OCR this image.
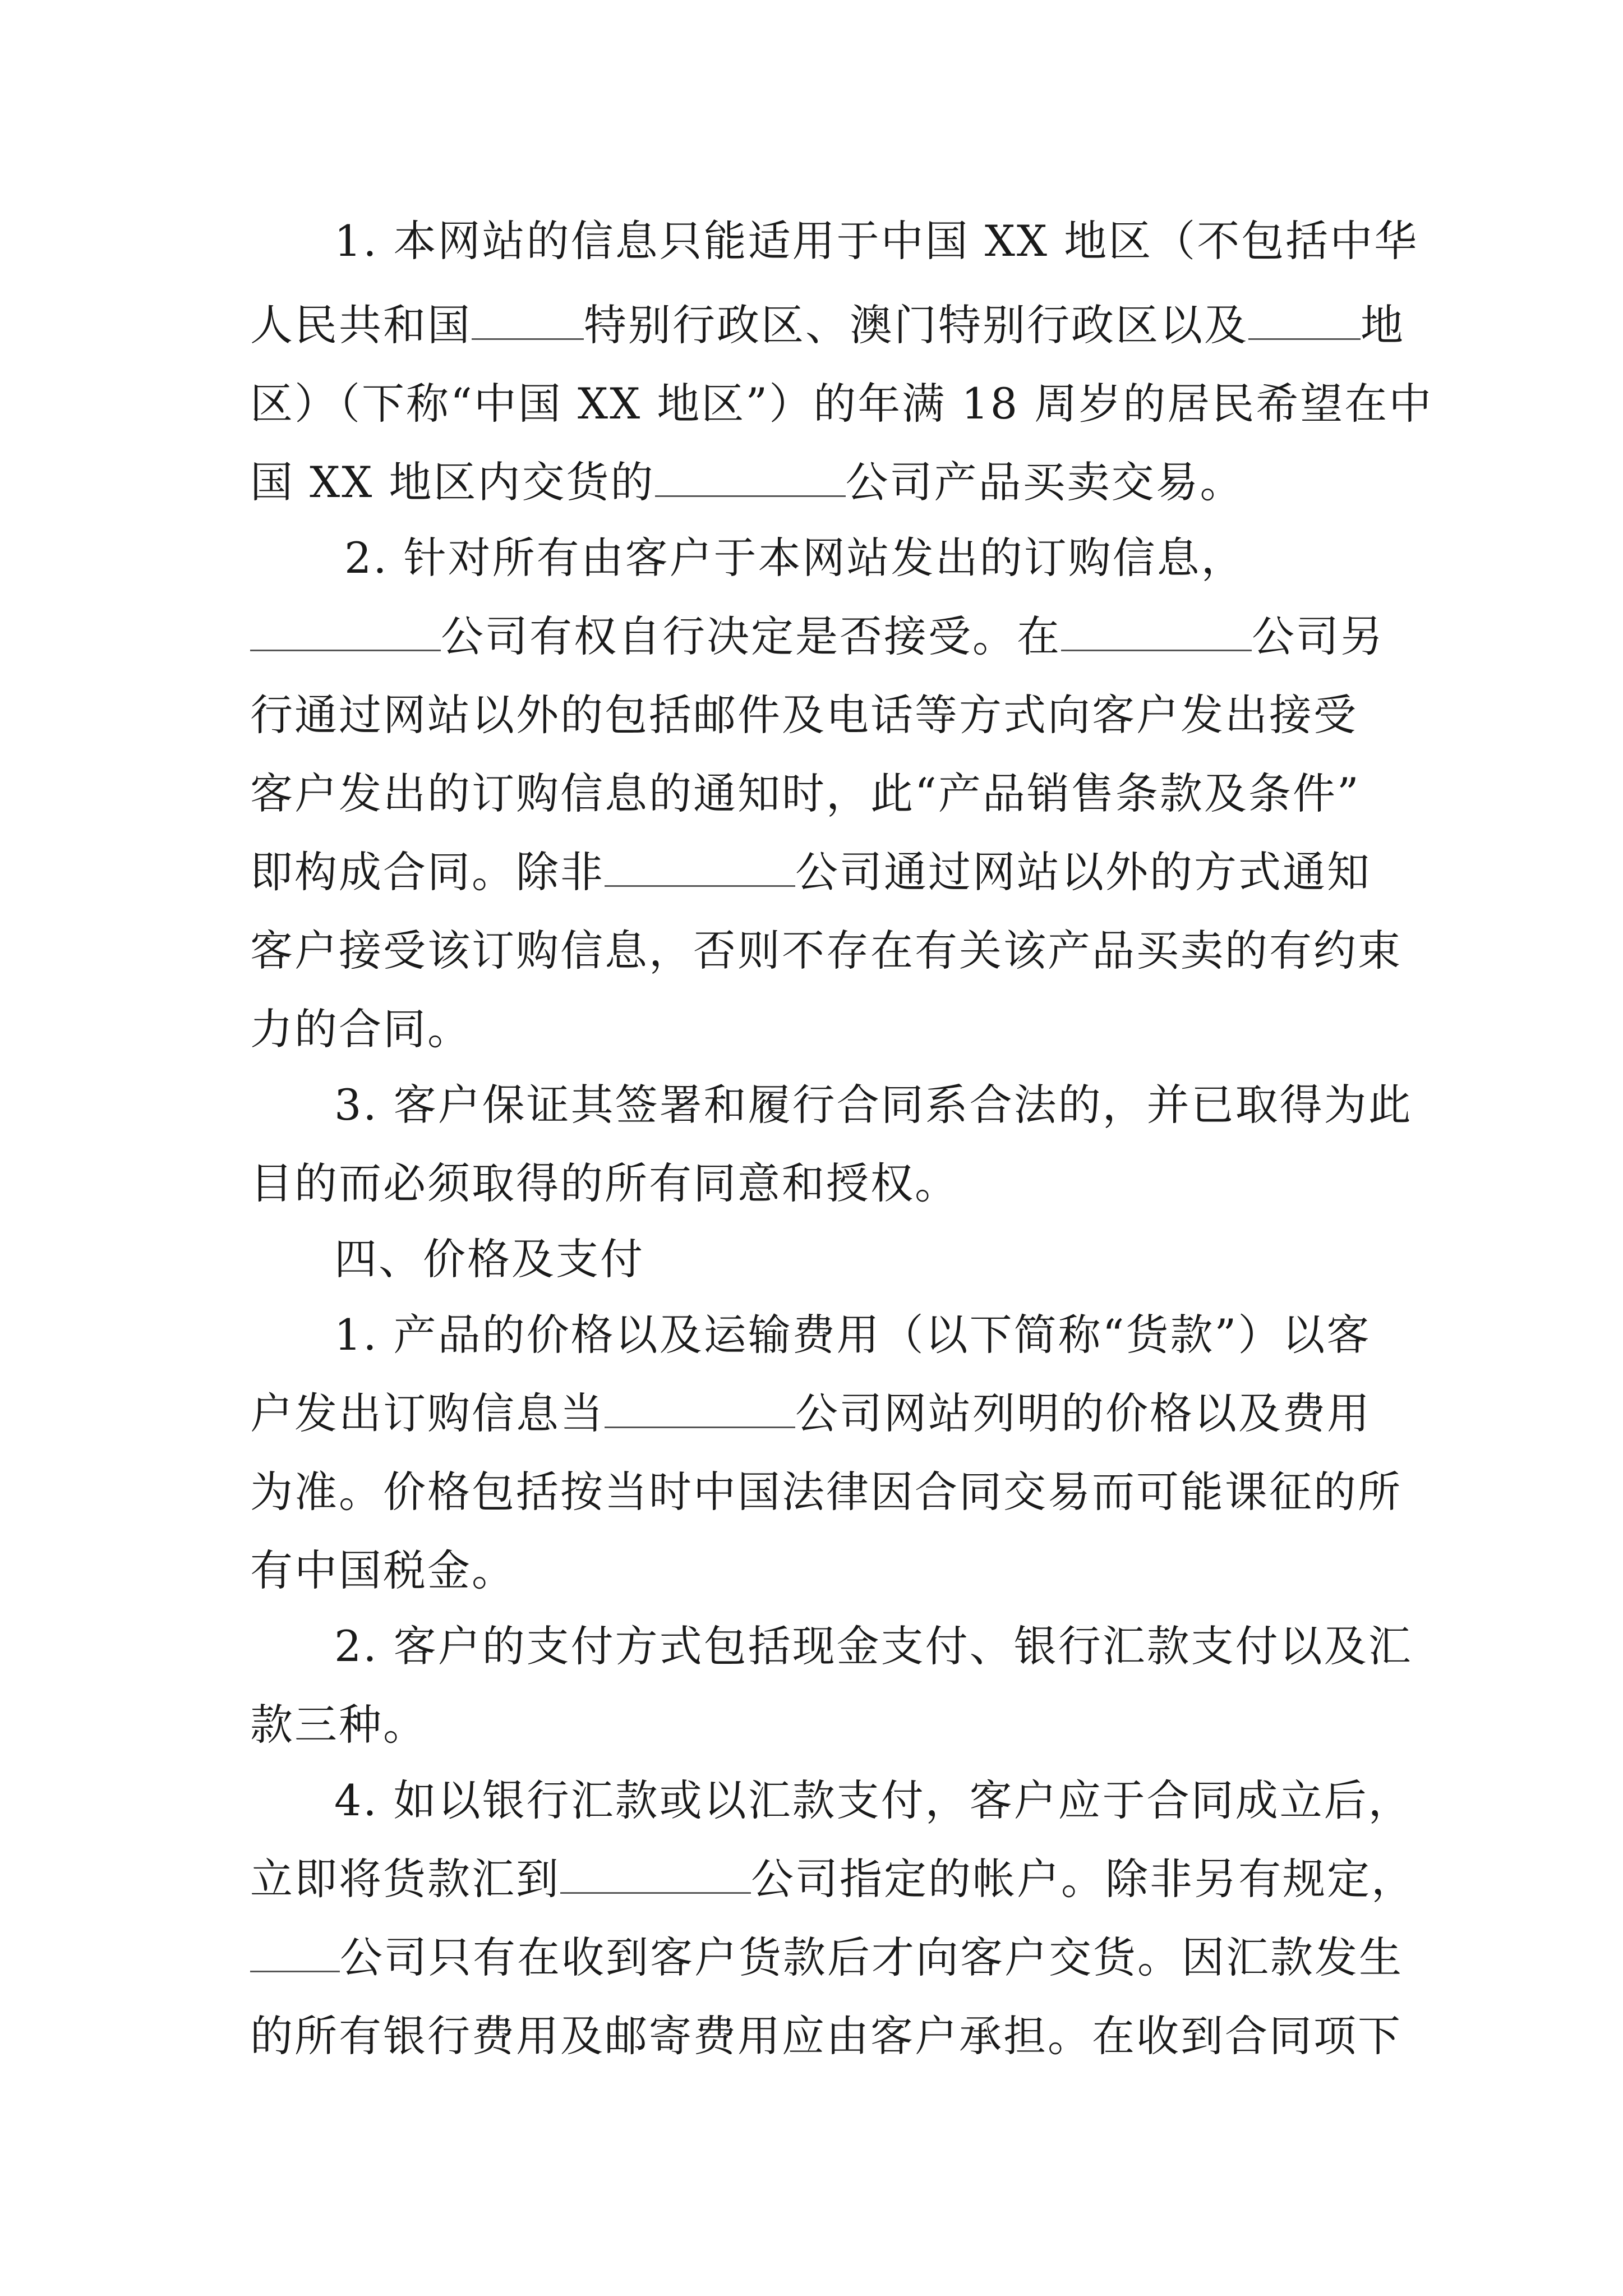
1. 本网站的信息只能适用于中国 XX 地区（不包括中华
人民共和国	特别行政区、澳门特别行政区以及	地
区）（下称“中国 XX 地区”）的年满 18 周岁的居民希望在中
国 XX 地区内交货的	公司产品买卖交易。
2. 针对所有由客户于本网站发出的订购信息，
公司有权自行决定是否接受。在	公司另
行通过网站以外的包括邮件及电话等方式向客户发出接受
客户发出的订购信息的通知时，此“产品销售条款及条件”
即构成合同。除非	公司通过网站以外的方式通知
客户接受该订购信息，否则不存在有关该产品买卖的有约束
力的合同。
3. 客户保证其签署和履行合同系合法的，并已取得为此
目的而必须取得的所有同意和授权。
四、价格及支付
1. 产品的价格以及运输费用（以下简称“货款”）以客
户发出订购信息当	公司网站列明的价格以及费用
为准。价格包括按当时中国法律因合同交易而可能课征的所
有中国税金。
2. 客户的支付方式包括现金支付、银行汇款支付以及汇
款三种。
4. 如以银行汇款或以汇款支付，客户应于合同成立后，
立即将货款汇到	公司指定的帐户。除非另有规定，
公司只有在收到客户货款后才向客户交货。因汇款发生
的所有银行费用及邮寄费用应由客户承担。在收到合同项下
